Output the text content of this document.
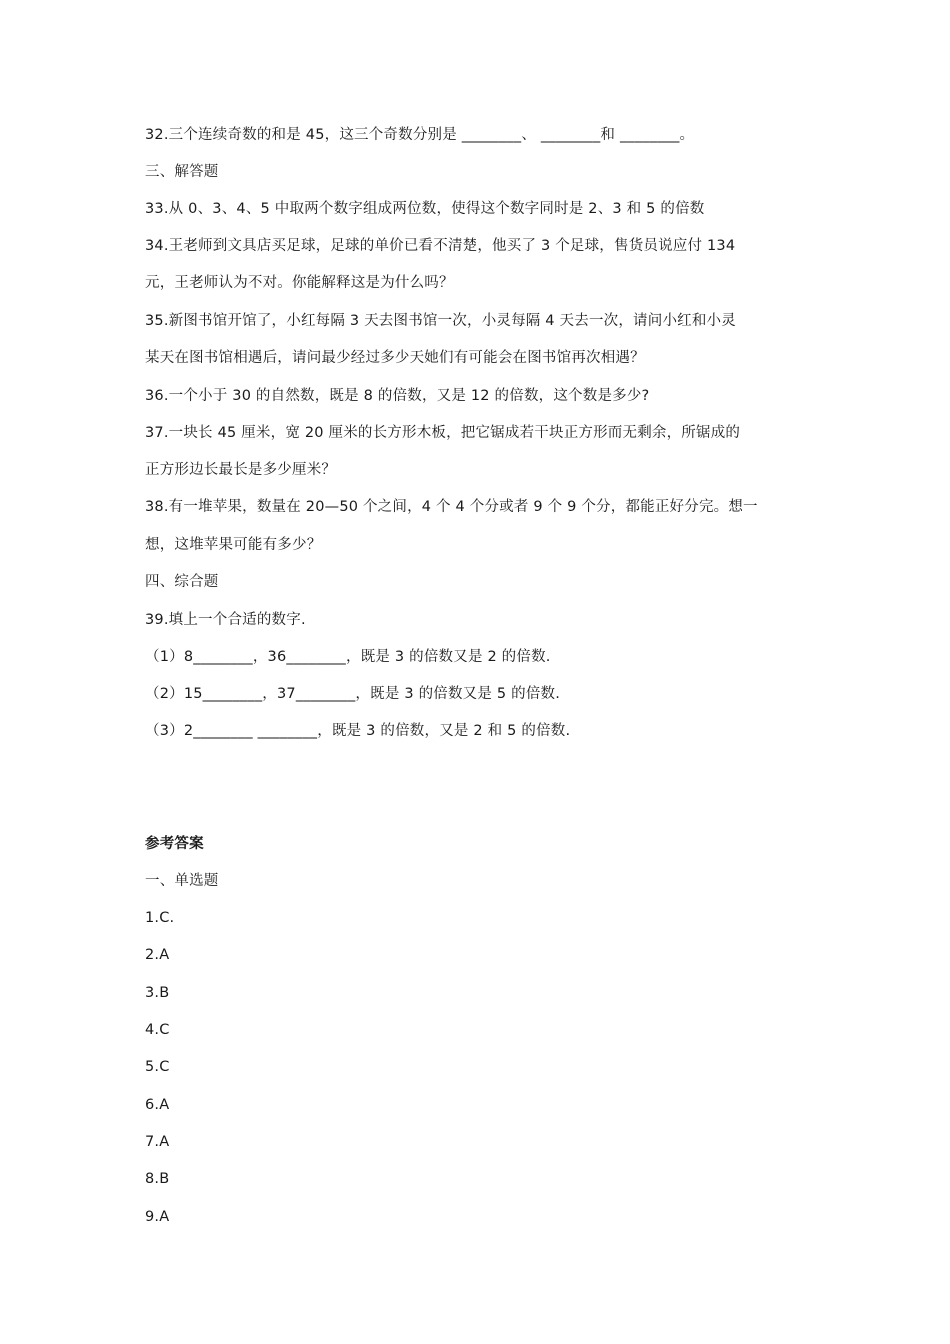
32.三个连续奇数的和是 45，这三个奇数分别是 ________、 ________和 ________。
三、解答题
33.从 0、3、4、5 中取两个数字组成两位数，使得这个数字同时是 2、3 和 5 的倍数
34.王老师到文具店买足球，足球的单价已看不清楚，他买了 3 个足球，售货员说应付 134
元，王老师认为不对。你能解释这是为什么吗？
35.新图书馆开馆了，小红每隔 3 天去图书馆一次，小灵每隔 4 天去一次，请问小红和小灵
某天在图书馆相遇后，请问最少经过多少天她们有可能会在图书馆再次相遇？
36.一个小于 30 的自然数，既是 8 的倍数，又是 12 的倍数，这个数是多少?
37.一块长 45 厘米，宽 20 厘米的长方形木板，把它锯成若干块正方形而无剩余，所锯成的
正方形边长最长是多少厘米？
38.有一堆苹果，数量在 20—50 个之间，4 个 4 个分或者 9 个 9 个分，都能正好分完。想一
想，这堆苹果可能有多少？
四、综合题
39.填上一个合适的数字.
（1）8________，36________，既是 3 的倍数又是 2 的倍数.
（2）15________，37________，既是 3 的倍数又是 5 的倍数.
（3）2________ ________，既是 3 的倍数，又是 2 和 5 的倍数.
参考答案
一、单选题
1.C.
2.A
3.B
4.C
5.C
6.A
7.A
8.B
9.A
